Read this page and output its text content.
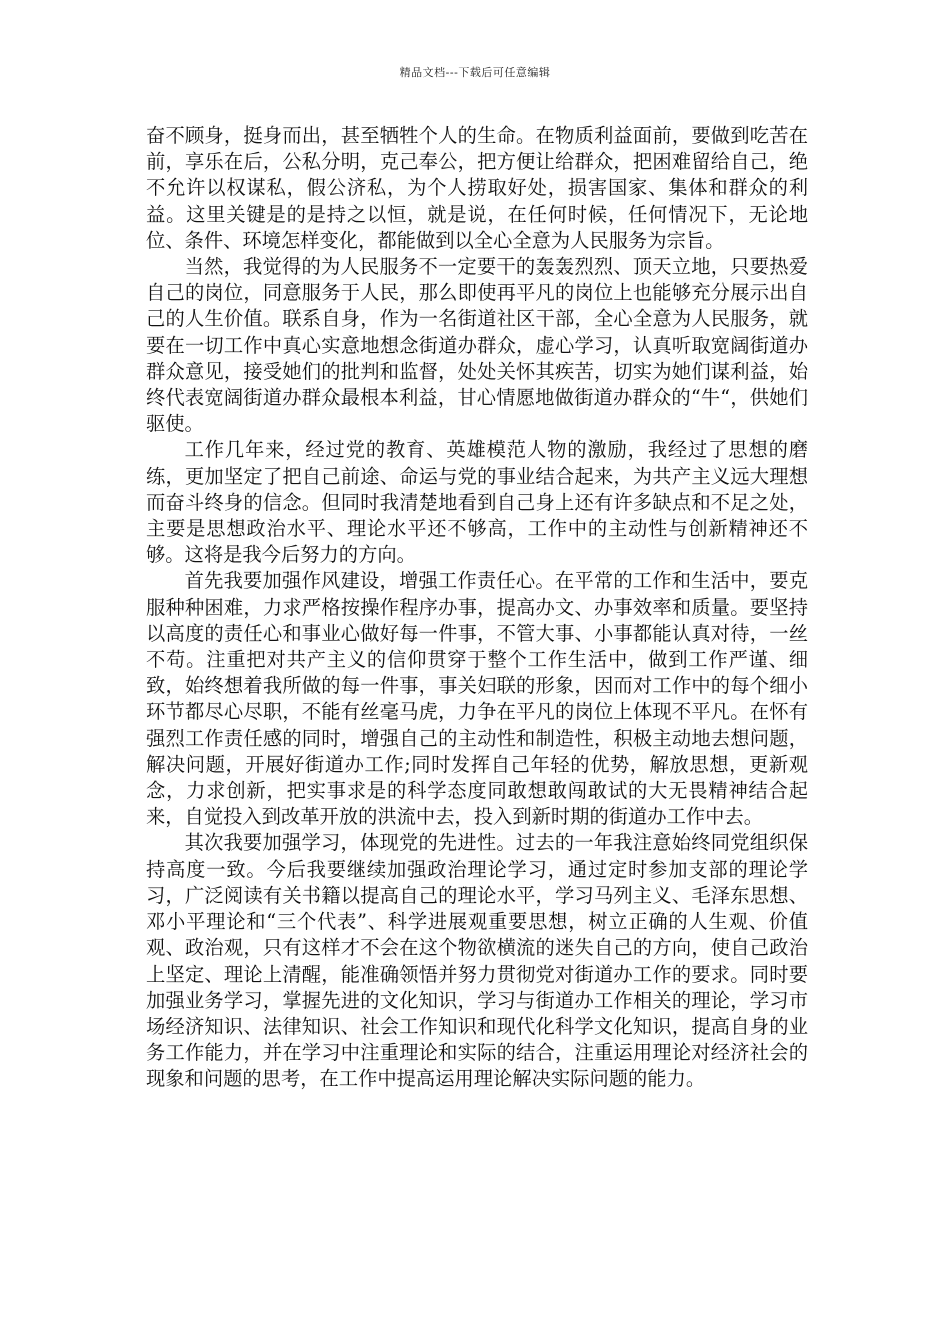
精品文档---下载后可任意编辑

奋不顾身，挺身而出，甚至牺牲个人的生命。在物质利益面前，要做到吃苦在前，享乐在后，公私分明，克己奉公，把方便让给群众，把困难留给自己，绝不允许以权谋私，假公济私，为个人捞取好处，损害国家、集体和群众的利益。这里关键是的是持之以恒，就是说，在任何时候，任何情况下，无论地位、条件、环境怎样变化，都能做到以全心全意为人民服务为宗旨。

当然，我觉得的为人民服务不一定要干的轰轰烈烈、顶天立地，只要热爱自己的岗位，同意服务于人民，那么即使再平凡的岗位上也能够充分展示出自己的人生价值。联系自身，作为一名街道社区干部，全心全意为人民服务，就要在一切工作中真心实意地想念街道办群众，虚心学习，认真听取宽阔街道办群众意见，接受她们的批判和监督，处处关怀其疾苦，切实为她们谋利益，始终代表宽阔街道办群众最根本利益，甘心情愿地做街道办群众的“牛“，供她们驱使。

工作几年来，经过党的教育、英雄模范人物的激励，我经过了思想的磨练，更加坚定了把自己前途、命运与党的事业结合起来，为共产主义远大理想而奋斗终身的信念。但同时我清楚地看到自己身上还有许多缺点和不足之处，主要是思想政治水平、理论水平还不够高，工作中的主动性与创新精神还不够。这将是我今后努力的方向。

首先我要加强作风建设，增强工作责任心。在平常的工作和生活中，要克服种种困难，力求严格按操作程序办事，提高办文、办事效率和质量。要坚持以高度的责任心和事业心做好每一件事，不管大事、小事都能认真对待，一丝不苟。注重把对共产主义的信仰贯穿于整个工作生活中，做到工作严谨、细致，始终想着我所做的每一件事，事关妇联的形象，因而对工作中的每个细小环节都尽心尽职，不能有丝毫马虎，力争在平凡的岗位上体现不平凡。在怀有强烈工作责任感的同时，增强自己的主动性和制造性，积极主动地去想问题，解决问题，开展好街道办工作;同时发挥自己年轻的优势，解放思想，更新观念，力求创新，把实事求是的科学态度同敢想敢闯敢试的大无畏精神结合起来，自觉投入到改革开放的洪流中去，投入到新时期的街道办工作中去。

其次我要加强学习，体现党的先进性。过去的一年我注意始终同党组织保持高度一致。今后我要继续加强政治理论学习，通过定时参加支部的理论学习，广泛阅读有关书籍以提高自己的理论水平，学习马列主义、毛泽东思想、邓小平理论和“三个代表”、科学进展观重要思想，树立正确的人生观、价值观、政治观，只有这样才不会在这个物欲横流的迷失自己的方向，使自己政治上坚定、理论上清醒，能准确领悟并努力贯彻党对街道办工作的要求。同时要加强业务学习，掌握先进的文化知识，学习与街道办工作相关的理论，学习市场经济知识、法律知识、社会工作知识和现代化科学文化知识，提高自身的业务工作能力，并在学习中注重理论和实际的结合，注重运用理论对经济社会的现象和问题的思考，在工作中提高运用理论解决实际问题的能力。
